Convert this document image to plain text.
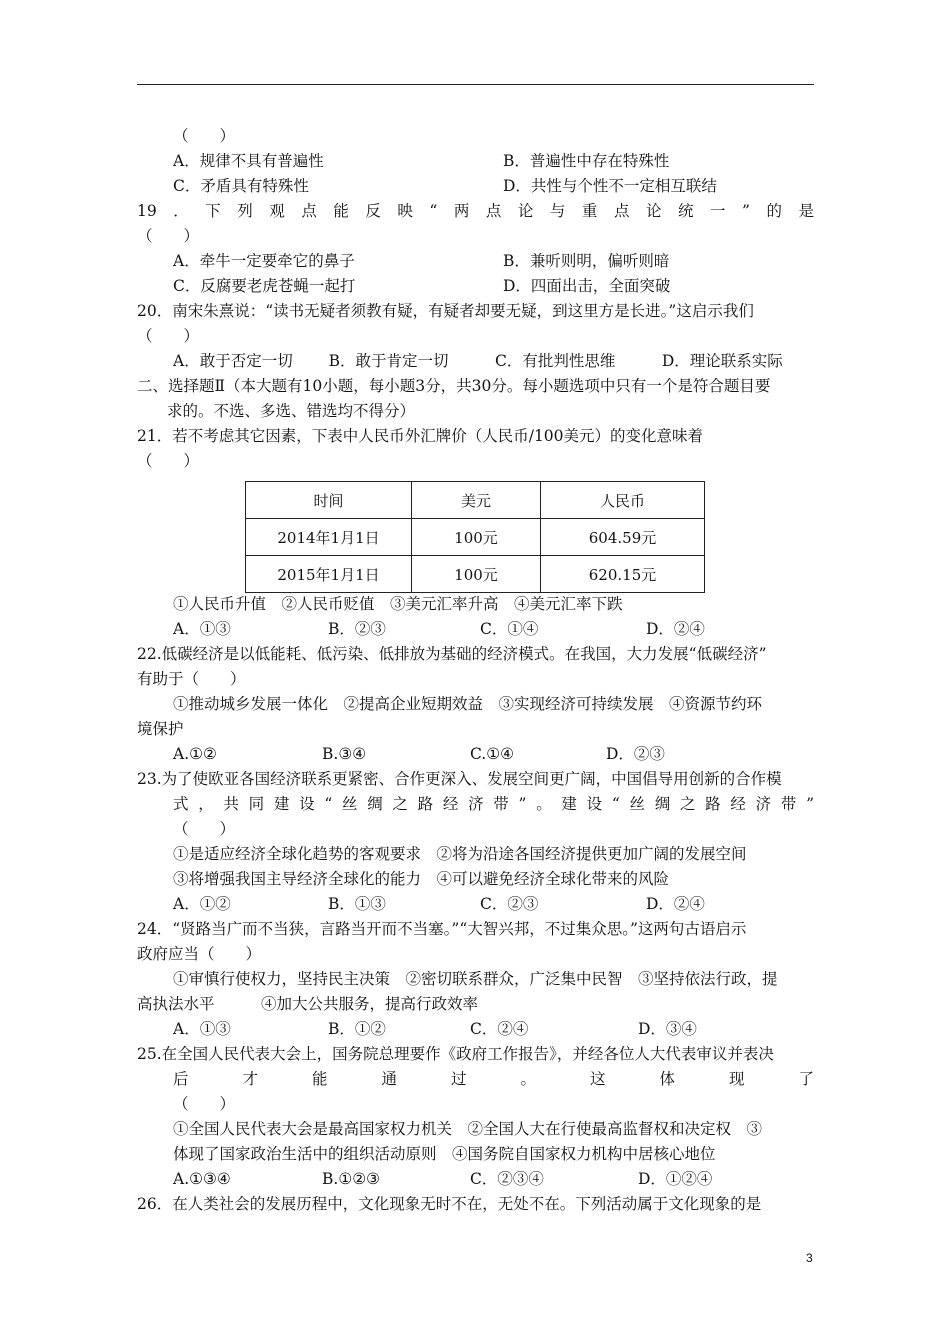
（　　）
A．规律不具有普遍性	B．普遍性中存在特殊性
C．矛盾具有特殊性	D．共性与个性不一定相互联结
19．下列观点能反映“两点论与重点论统一”的是
（　　）
A．牵牛一定要牵它的鼻子	B．兼听则明，偏听则暗
C．反腐要老虎苍蝇一起打	D．四面出击，全面突破
20．南宋朱熹说：“读书无疑者须教有疑，有疑者却要无疑，到这里方是长进。”这启示我们
（　　）
A．敢于否定一切　　 B．敢于肯定一切　　　C．有批判性思维　　　D．理论联系实际
二、选择题Ⅱ（本大题有10小题，每小题3分，共30分。每小题选项中只有一个是符合题目要
求的。不选、多选、错选均不得分）
21．若不考虑其它因素，下表中人民币外汇牌价（人民币/100美元）的变化意味着
（　　）
时间	美元	人民币
2014年1月1日	100元	604.59元
2015年1月1日	100元	620.15元
①人民币升值　②人民币贬值　③美元汇率升高　④美元汇率下跌
A．①③	B．②③	C．①④	D．②④
22.低碳经济是以低能耗、低污染、低排放为基础的经济模式。在我国，大力发展“低碳经济”
有助于（　　）
①推动城乡发展一体化　②提高企业短期效益　③实现经济可持续发展　④资源节约环
境保护
A.①②	B.③④	C.①④	D．②③
23.为了使欧亚各国经济联系更紧密、合作更深入、发展空间更广阔，中国倡导用创新的合作模
式，共同建设“丝绸之路经济带”。建设“丝绸之路经济带”
（　　）
①是适应经济全球化趋势的客观要求　②将为沿途各国经济提供更加广阔的发展空间
③将增强我国主导经济全球化的能力　④可以避免经济全球化带来的风险
A．①②	B．①③	C．②③	D．②④
24．“贤路当广而不当狭，言路当开而不当塞。”“大智兴邦，不过集众思。”这两句古语启示
政府应当（　　）
①审慎行使权力，坚持民主决策　②密切联系群众，广泛集中民智　③坚持依法行政，提
高执法水平　　　④加大公共服务，提高行政效率
A．①③	B．①②	C．②④	D．③④
25.在全国人民代表大会上，国务院总理要作《政府工作报告》，并经各位人大代表审议并表决
后才能通过。这体现了
（　　）
①全国人民代表大会是最高国家权力机关　②全国人大在行使最高监督权和决定权　③
体现了国家政治生活中的组织活动原则　④国务院自国家权力机构中居核心地位
A.①③④	B.①②③	C．②③④	D．①②④
26．在人类社会的发展历程中，文化现象无时不在，无处不在。下列活动属于文化现象的是
3
